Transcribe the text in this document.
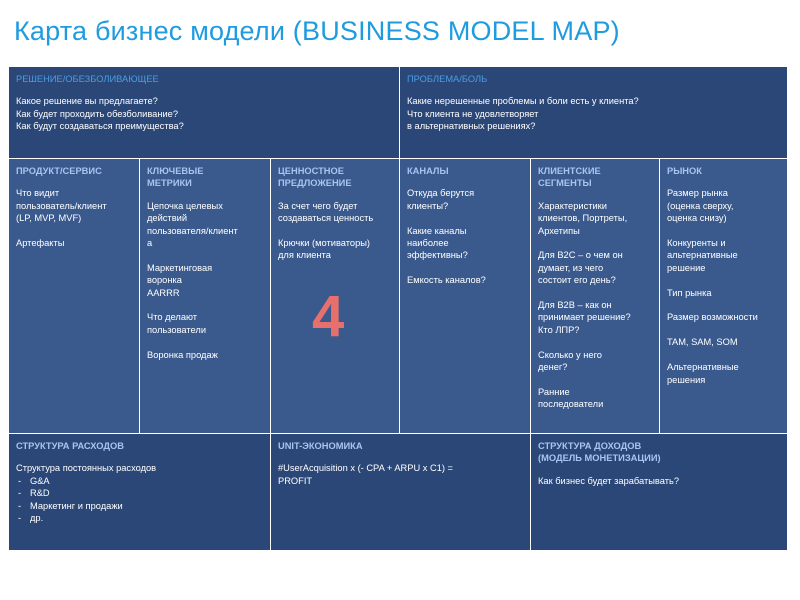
Карта бизнес модели (BUSINESS MODEL MAP)
РЕШЕНИЕ/ОБЕЗБОЛИВАЮЩЕЕ
Какое решение вы предлагаете?
Как будет проходить обезболивание?
Как будут создаваться преимущества?
ПРОБЛЕМА/БОЛЬ
Какие нерешенные проблемы и боли есть у клиента?
Что клиента не удовлетворяет
в альтернативных решениях?
ПРОДУКТ/СЕРВИС
Что видит
пользователь/клиент
(LP, MVP, MVF)

Артефакты
КЛЮЧЕВЫЕ
МЕТРИКИ
Цепочка целевых
действий
пользователя/клиент
а

Маркетинговая
воронка
AARRR

Что делают
пользователи

Воронка продаж
ЦЕННОСТНОЕ
ПРЕДЛОЖЕНИЕ
За счет чего будет
создаваться ценность

Крючки (мотиваторы)
для клиента
КАНАЛЫ
Откуда берутся
клиенты?

Какие каналы
наиболее
эффективны?

Емкость каналов?
КЛИЕНТСКИЕ
СЕГМЕНТЫ
Характеристики
клиентов, Портреты,
Архетипы

Для В2С – о чем он
думает, из чего
состоит его день?

Для В2В – как он
принимает решение?
Кто ЛПР?

Сколько у него
денег?

Ранние
последователи
РЫНОК
Размер рынка
(оценка сверху,
оценка снизу)

Конкуренты и
альтернативные
решение

Тип рынка

Размер возможности

TAM, SAM, SOM

Альтернативные
решения
СТРУКТУРА РАСХОДОВ
Структура постоянных расходов
- G&A
- R&D
- Маркетинг и продажи
- др.
UNIT-ЭКОНОМИКА
#UserAcquisition x (- CPA + ARPU x C1) =
PROFIT
СТРУКТУРА ДОХОДОВ
(МОДЕЛЬ МОНЕТИЗАЦИИ)
Как бизнес будет зарабатывать?
4
